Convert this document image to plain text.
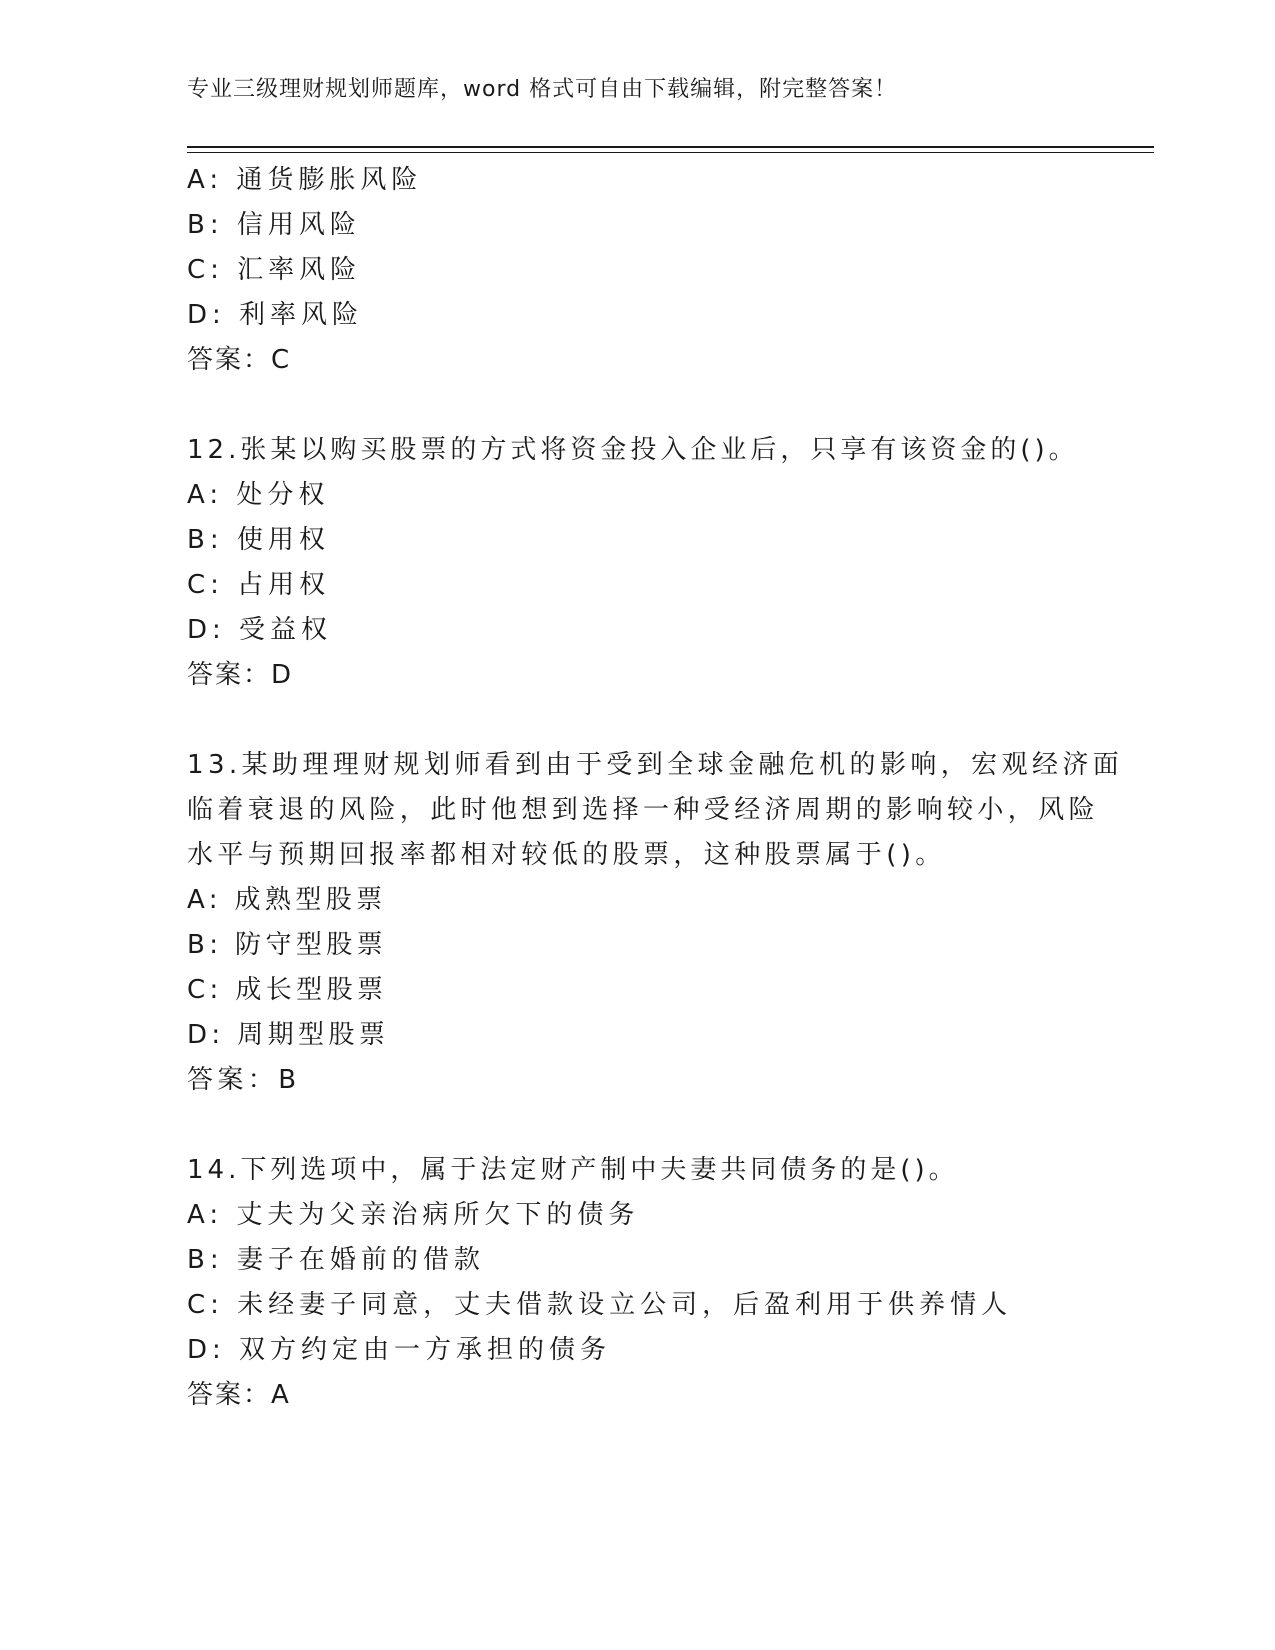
专业三级理财规划师题库，word 格式可自由下载编辑，附完整答案！
A: 通货膨胀风险
B: 信用风险
C: 汇率风险
D: 利率风险
答案：C
12.张某以购买股票的方式将资金投入企业后，只享有该资金的()。
A: 处分权
B: 使用权
C: 占用权
D: 受益权
答案：D
13.某助理理财规划师看到由于受到全球金融危机的影响，宏观经济面
临着衰退的风险，此时他想到选择一种受经济周期的影响较小，风险
水平与预期回报率都相对较低的股票，这种股票属于()。
A: 成熟型股票
B: 防守型股票
C: 成长型股票
D: 周期型股票
答案：B
14.下列选项中，属于法定财产制中夫妻共同债务的是()。
A: 丈夫为父亲治病所欠下的债务
B: 妻子在婚前的借款
C: 未经妻子同意，丈夫借款设立公司，后盈利用于供养情人
D: 双方约定由一方承担的债务
答案：A
